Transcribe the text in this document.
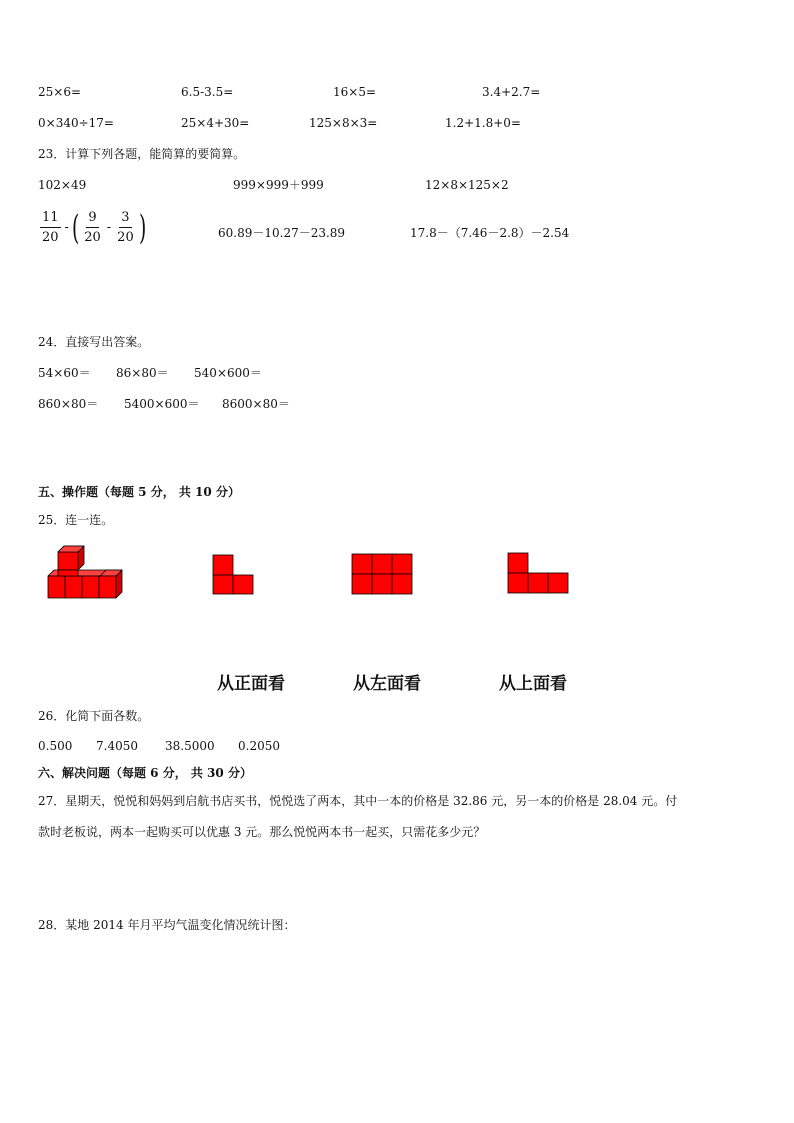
25×6=	6.5-3.5=	16×5=	3.4+2.7=
0×340÷17=	25×4+30=	125×8×3=	1.2+1.8+0=
23．计算下列各题，能简算的要简算。
102×49	999×999＋999	12×8×125×2
11
20
- ( 9
20
-
3
20 )	60.89－10.27－23.89	17.8－（7.46－2.8）－2.54
24．直接写出答案。
54×60＝ 86×80＝ 540×600＝
860×80＝ 5400×600＝ 8600×80＝
五、操作题（每题 5 分， 共 10 分）
25．连一连。
从正面看	从左面看	从上面看
26．化简下面各数。
0.500 7.4050 38.5000 0.2050
六、解决问题（每题 6 分， 共 30 分）
27．星期天，悦悦和妈妈到启航书店买书，悦悦选了两本，其中一本的价格是 32.86 元，另一本的价格是 28.04 元。付
款时老板说，两本一起购买可以优惠 3 元。那么悦悦两本书一起买，只需花多少元？
28．某地 2014 年月平均气温变化情况统计图：
